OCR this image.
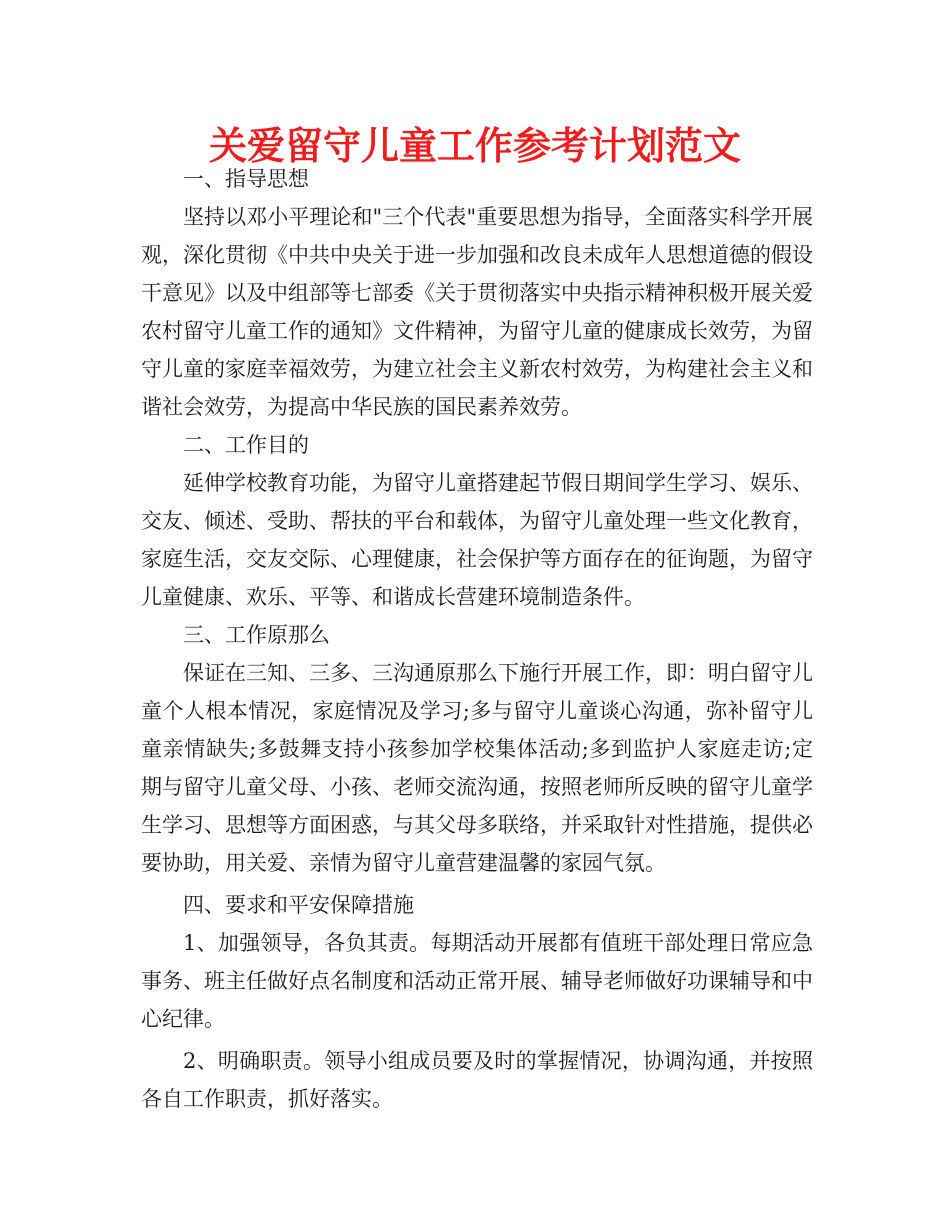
关爱留守儿童工作参考计划范文
一、指导思想

坚持以邓小平理论和"三个代表"重要思想为指导，全面落实科学开展观，深化贯彻《中共中央关于进一步加强和改良未成年人思想道德的假设干意见》以及中组部等七部委《关于贯彻落实中央指示精神积极开展关爱农村留守儿童工作的通知》文件精神，为留守儿童的健康成长效劳，为留守儿童的家庭幸福效劳，为建立社会主义新农村效劳，为构建社会主义和谐社会效劳，为提高中华民族的国民素养效劳。

二、工作目的

延伸学校教育功能，为留守儿童搭建起节假日期间学生学习、娱乐、交友、倾述、受助、帮扶的平台和载体，为留守儿童处理一些文化教育，家庭生活，交友交际、心理健康，社会保护等方面存在的征询题，为留守儿童健康、欢乐、平等、和谐成长营建环境制造条件。

三、工作原那么

保证在三知、三多、三沟通原那么下施行开展工作，即：明白留守儿童个人根本情况，家庭情况及学习;多与留守儿童谈心沟通，弥补留守儿童亲情缺失;多鼓舞支持小孩参加学校集体活动;多到监护人家庭走访;定期与留守儿童父母、小孩、老师交流沟通，按照老师所反映的留守儿童学生学习、思想等方面困惑，与其父母多联络，并采取针对性措施，提供必要协助，用关爱、亲情为留守儿童营建温馨的家园气氛。

四、要求和平安保障措施

1、加强领导，各负其责。每期活动开展都有值班干部处理日常应急事务、班主任做好点名制度和活动正常开展、辅导老师做好功课辅导和中心纪律。

2、明确职责。领导小组成员要及时的掌握情况，协调沟通，并按照各自工作职责，抓好落实。
